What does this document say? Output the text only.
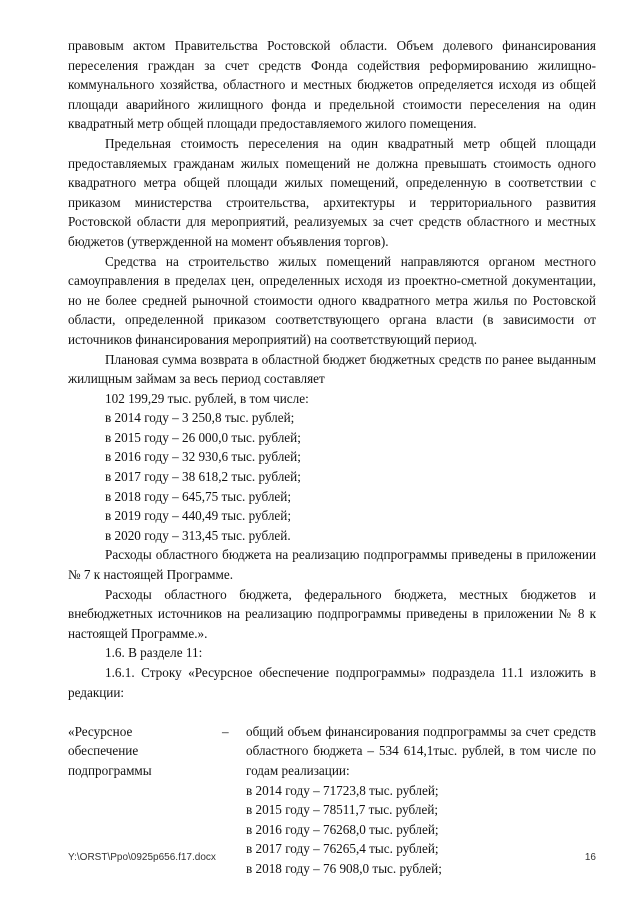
правовым актом Правительства Ростовской области. Объем долевого финансирования переселения граждан за счет средств Фонда содействия реформированию жилищно-коммунального хозяйства, областного и местных бюджетов определяется исходя из общей площади аварийного жилищного фонда и предельной стоимости переселения на один квадратный метр общей площади предоставляемого жилого помещения.

Предельная стоимость переселения на один квадратный метр общей площади предоставляемых гражданам жилых помещений не должна превышать стоимость одного квадратного метра общей площади жилых помещений, определенную в соответствии с приказом министерства строительства, архитектуры и территориального развития Ростовской области для мероприятий, реализуемых за счет средств областного и местных бюджетов (утвержденной на момент объявления торгов).

Средства на строительство жилых помещений направляются органом местного самоуправления в пределах цен, определенных исходя из проектно-сметной документации, но не более средней рыночной стоимости одного квадратного метра жилья по Ростовской области, определенной приказом соответствующего органа власти (в зависимости от источников финансирования мероприятий) на соответствующий период.

Плановая сумма возврата в областной бюджет бюджетных средств по ранее выданным жилищным займам за весь период составляет

102 199,29 тыс. рублей, в том числе:

в 2014 году – 3 250,8 тыс. рублей;

в 2015 году – 26 000,0 тыс. рублей;

в 2016 году – 32 930,6 тыс. рублей;

в 2017 году – 38 618,2 тыс. рублей;

в 2018 году – 645,75 тыс. рублей;

в 2019 году – 440,49 тыс. рублей;

в 2020 году – 313,45 тыс. рублей.

Расходы областного бюджета на реализацию подпрограммы приведены в приложении № 7 к настоящей Программе.

Расходы областного бюджета, федерального бюджета, местных бюджетов и внебюджетных источников на реализацию подпрограммы приведены в приложении № 8 к настоящей Программе.».

1.6. В разделе 11:

1.6.1. Строку «Ресурсное обеспечение подпрограммы» подраздела 11.1 изложить в редакции:

«Ресурсное
обеспечение
подпрограммы
–	общий объем финансирования подпрограммы за счет средств областного бюджета – 534 614,1тыс. рублей, в том числе по годам реализации:

в 2014 году – 71723,8 тыс. рублей;

в 2015 году – 78511,7 тыс. рублей;

в 2016 году – 76268,0 тыс. рублей;

в 2017 году – 76265,4 тыс. рублей;

в 2018 году – 76 908,0 тыс. рублей;

Y:\ORST\Ppo\0925p656.f17.docx	16
